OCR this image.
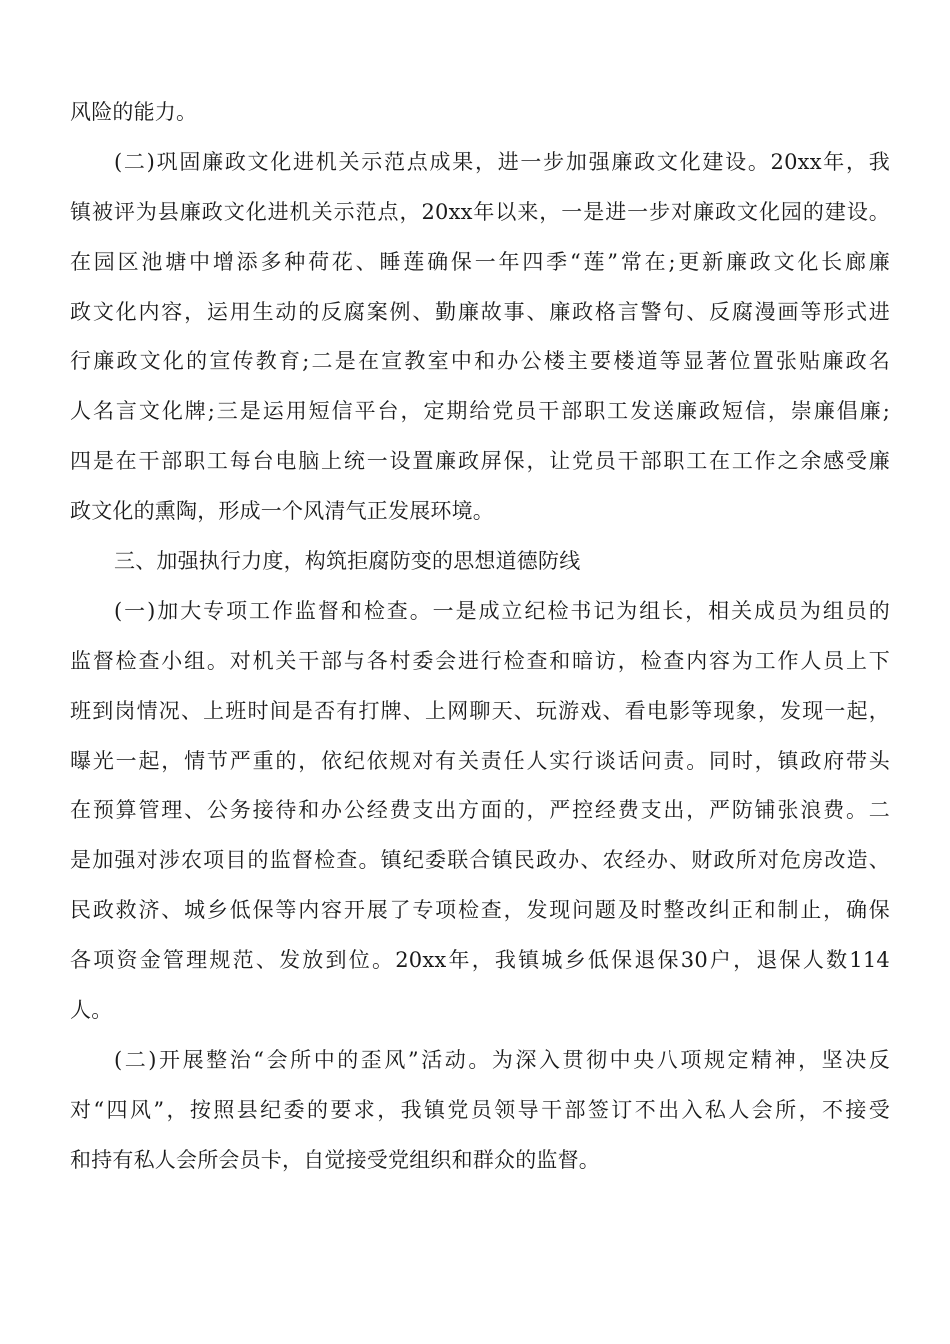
风险的能力。
(二)巩固廉政文化进机关示范点成果，进一步加强廉政文化建设。20xx年，我
镇被评为县廉政文化进机关示范点，20xx年以来，一是进一步对廉政文化园的建设。
在园区池塘中增添多种荷花、睡莲确保一年四季“莲”常在;更新廉政文化长廊廉
政文化内容，运用生动的反腐案例、勤廉故事、廉政格言警句、反腐漫画等形式进
行廉政文化的宣传教育;二是在宣教室中和办公楼主要楼道等显著位置张贴廉政名
人名言文化牌;三是运用短信平台，定期给党员干部职工发送廉政短信，崇廉倡廉;
四是在干部职工每台电脑上统一设置廉政屏保，让党员干部职工在工作之余感受廉
政文化的熏陶，形成一个风清气正发展环境。
三、加强执行力度，构筑拒腐防变的思想道德防线
(一)加大专项工作监督和检查。一是成立纪检书记为组长，相关成员为组员的
监督检查小组。对机关干部与各村委会进行检查和暗访，检查内容为工作人员上下
班到岗情况、上班时间是否有打牌、上网聊天、玩游戏、看电影等现象，发现一起，
曝光一起，情节严重的，依纪依规对有关责任人实行谈话问责。同时，镇政府带头
在预算管理、公务接待和办公经费支出方面的，严控经费支出，严防铺张浪费。二
是加强对涉农项目的监督检查。镇纪委联合镇民政办、农经办、财政所对危房改造、
民政救济、城乡低保等内容开展了专项检查，发现问题及时整改纠正和制止，确保
各项资金管理规范、发放到位。20xx年，我镇城乡低保退保30户，退保人数114
人。
(二)开展整治“会所中的歪风”活动。为深入贯彻中央八项规定精神，坚决反
对“四风”，按照县纪委的要求，我镇党员领导干部签订不出入私人会所，不接受
和持有私人会所会员卡，自觉接受党组织和群众的监督。
